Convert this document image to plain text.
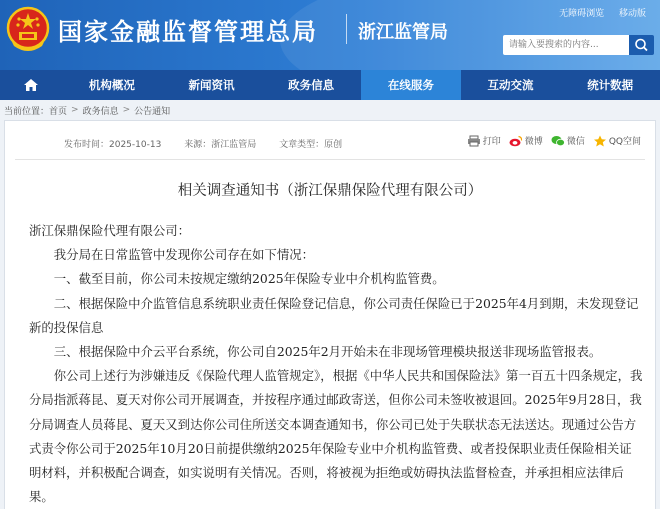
国家金融监督管理总局 浙江监管局
无障碍浏览 移动版
请输入要搜索的内容...
机构概况	新闻资讯	政务信息	在线服务	互动交流	统计数据
当前位置： 首页 > 政务信息 > 公告通知
发布时间：2025-10-13	来源：浙江监管局	文章类型：原创	打印	微博	微信	QQ空间
相关调查通知书（浙江保鼎保险代理有限公司）

浙江保鼎保险代理有限公司：

我分局在日常监管中发现你公司存在如下情况：

一、截至目前，你公司未按规定缴纳2025年保险专业中介机构监管费。

二、根据保险中介监管信息系统职业责任保险登记信息，你公司责任保险已于2025年4月到期，未发现登记新的投保信息

三、根据保险中介云平台系统，你公司自2025年2月开始未在非现场管理模块报送非现场监管报表。

你公司上述行为涉嫌违反《保险代理人监管规定》，根据《中华人民共和国保险法》第一百五十四条规定，我分局指派蒋昆、夏天对你公司开展调查，并按程序通过邮政寄送，但你公司未签收被退回。2025年9月28日，我分局调查人员蒋昆、夏天又到达你公司住所送交本调查通知书，你公司已处于失联状态无法送达。现通过公告方式责令你公司于2025年10月20日前提供缴纳2025年保险专业中介机构监管费、或者投保职业责任保险相关证明材料，并积极配合调查，如实说明有关情况。否则，将被视为拒绝或妨碍执法监督检查，并承担相应法律后果。
